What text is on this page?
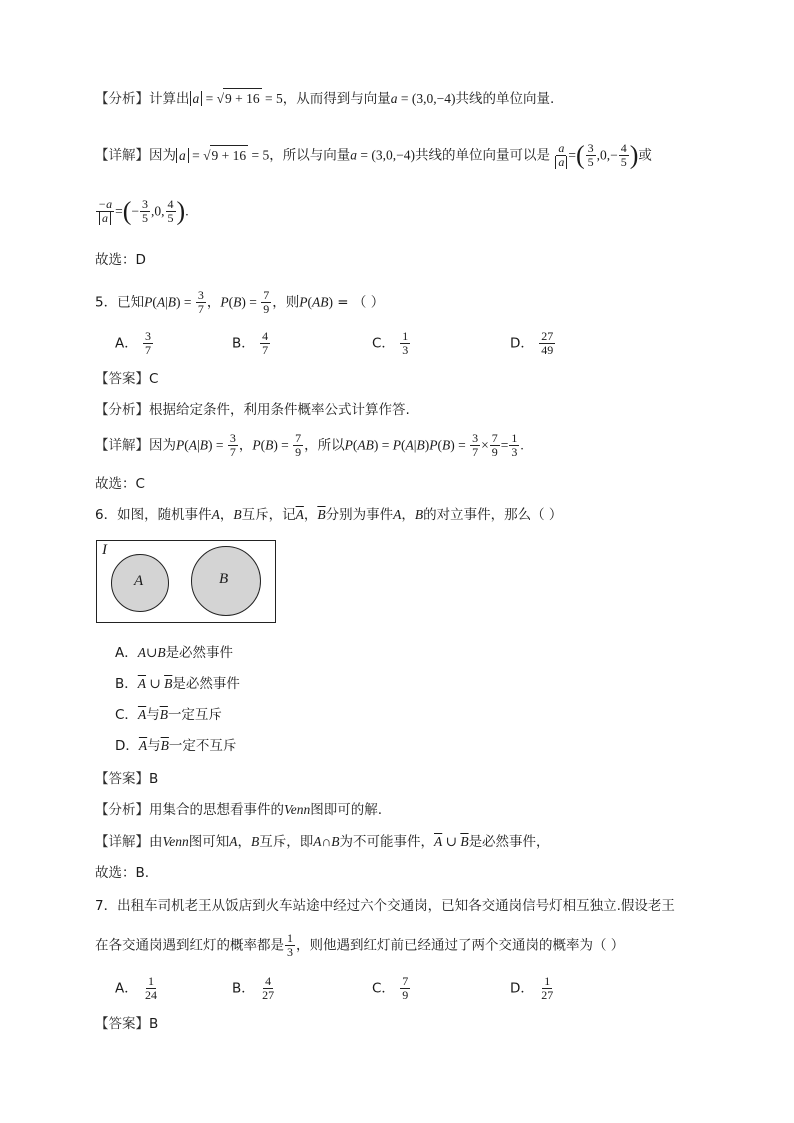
【分析】计算出 a = √9 + 16 = 5，从而得到与向量a = (3,0,−4)共线的单位向量.
【详解】因为 a = √9 + 16 = 5，所以与向量a = (3,0,−4)共线的单位向量可以是 $\frac{a}{a}$ =( $\frac{3}{5} ,0,- \frac{4}{5}$ )或
$\frac{-a}{a}$ =(− $\frac{3}{5} ,0$, $\frac{4}{5}$ ).
故选：D
5．已知$P(A|B) = \frac{3}{7}$ ，$P(B) = \frac{7}{9}$ ，则P(AB) = （ ）
A． $\frac{3}{7}$	B． $\frac{4}{7}$	C． $\frac{1}{3}$	D． $\frac{27}{49}$
【答案】C
【分析】根据给定条件，利用条件概率公式计算作答.
【详解】因为$P(A|B) = \frac{3}{7}$ ，$P(B) = \frac{7}{9}$ ，所以$P(AB) = P(A|B)P(B) = \frac{3}{7} \times \frac{7}{9} = \frac{1}{3}$ .
故选：C
6．如图，随机事件A，B互斥，记$\overline{A}$，$\overline{B}$分别为事件A，B的对立事件，那么（ ）
I
A	B
A．A∪B是必然事件
B．$\overline{A}$ ∪ $\overline{B}$是必然事件
C．$\overline{A}$与$\overline{B}$一定互斥
D．$\overline{A}$与$\overline{B}$一定不互斥
【答案】B
【分析】用集合的思想看事件的Venn图即可的解.
【详解】由Venn图可知A，B互斥，即A∩B为不可能事件，$\overline{A}$ ∪ $\overline{B}$是必然事件，
故选：B.
7．出租车司机老王从饭店到火车站途中经过六个交通岗，已知各交通岗信号灯相互独立.假设老王
在各交通岗遇到红灯的概率都是 $\frac{1}{3}$ ，则他遇到红灯前已经通过了两个交通岗的概率为（ ）
A． $\frac{1}{24}$	B． $\frac{4}{27}$	C． $\frac{7}{9}$	D． $\frac{1}{27}$
【答案】B
